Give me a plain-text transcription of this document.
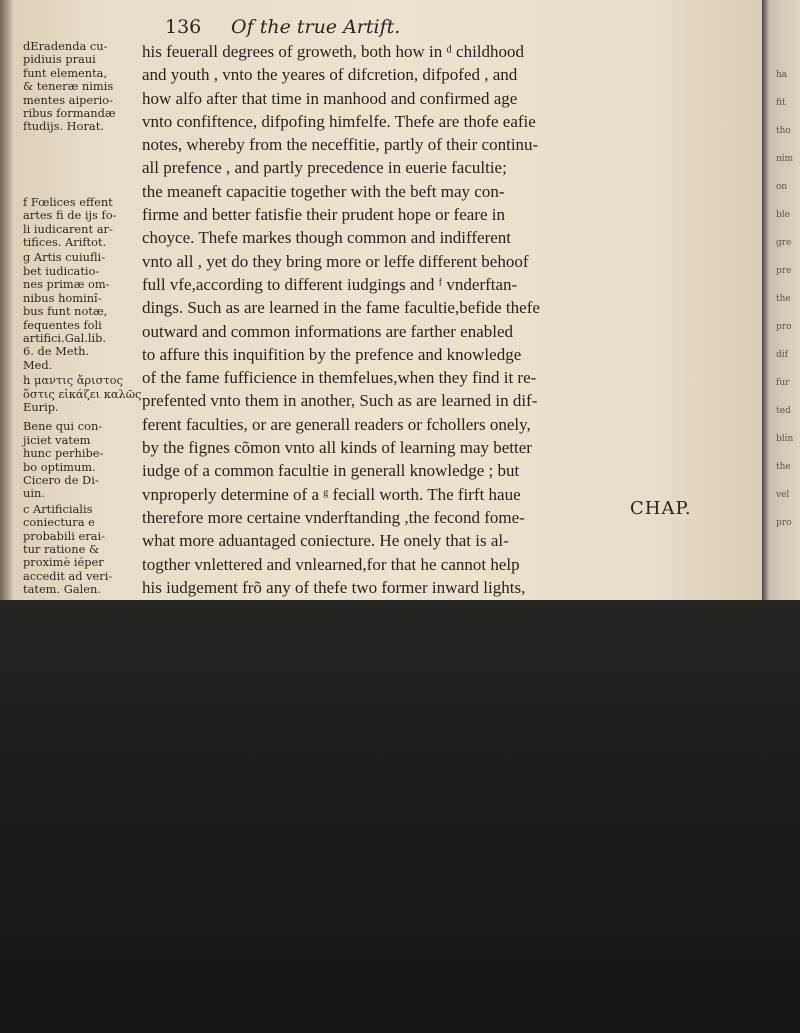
136 Of the true Artift.
dEradenda cu-
pidiuis praui
funt elementa,
& teneræ nimis
mentes aiperio-
ribus formandæ
ftudijs. Horat.
f Fœlices effent
artes fi de ijs fo-
li iudicarent ar-
tifices. Ariftot.
g Artis cuiufli-
bet iudicatio-
nes primæ om-
nibus hominî-
bus funt notæ,
fequentes foli
artifici.Gal.lib.
6. de Meth.
Med.
h μαντις ἄριστος
ὅστις εἰκάζει καλῶς
Eurip.
Bene qui con-
jiciet vatem
hunc perhibe-
bo optimum.
Cicero de Di-
uin.
c Artificialis
coniectura e
probabili erai-
tur ratione &
proximè iéper
accedit ad veri-
tatem. Galen.
his feuerall degrees of groweth, both how in ᵈ childhood
and youth , vnto the yeares of difcretion, difpofed , and
how alfo after that time in manhood and confirmed age
vnto confiftence, difpofing himfelfe. Thefe are thofe eafie
notes, whereby from the neceffitie, partly of their continu-
all prefence , and partly precedence in euerie facultie;
the meaneft capacitie together with the beft may con-
firme and better fatisfie their prudent hope or feare in
choyce. Thefe markes though common and indifferent
vnto all , yet do they bring more or leffe different behoof
full vfe,according to different iudgings and ᶠ vnderftan-
dings. Such as are learned in the fame facultie,befide thefe
outward and common informations are farther enabled
to affure this inquifition by the prefence and knowledge
of the fame fufficience in themfelues,when they find it re-
prefented vnto them in another, Such as are learned in dif-
ferent faculties, or are generall readers or fchollers onely,
by the fignes cõmon vnto all kinds of learning may better
iudge of a common facultie in generall knowledge ; but
vnproperly determine of a ᵍ feciall worth. The firft haue
therefore more certaine vnderftanding ,the fecond fome-
what more aduantaged coniecture. He onely that is al-
togther vnlettered and vnlearned,for that he cannot help
his iudgement frõ any of thefe two former inward lights,
CHAP.
ha
fit
tho
nim
on
ble
gre
pre
the
pro
dif
fur
ted
blin
the
vel
pro
